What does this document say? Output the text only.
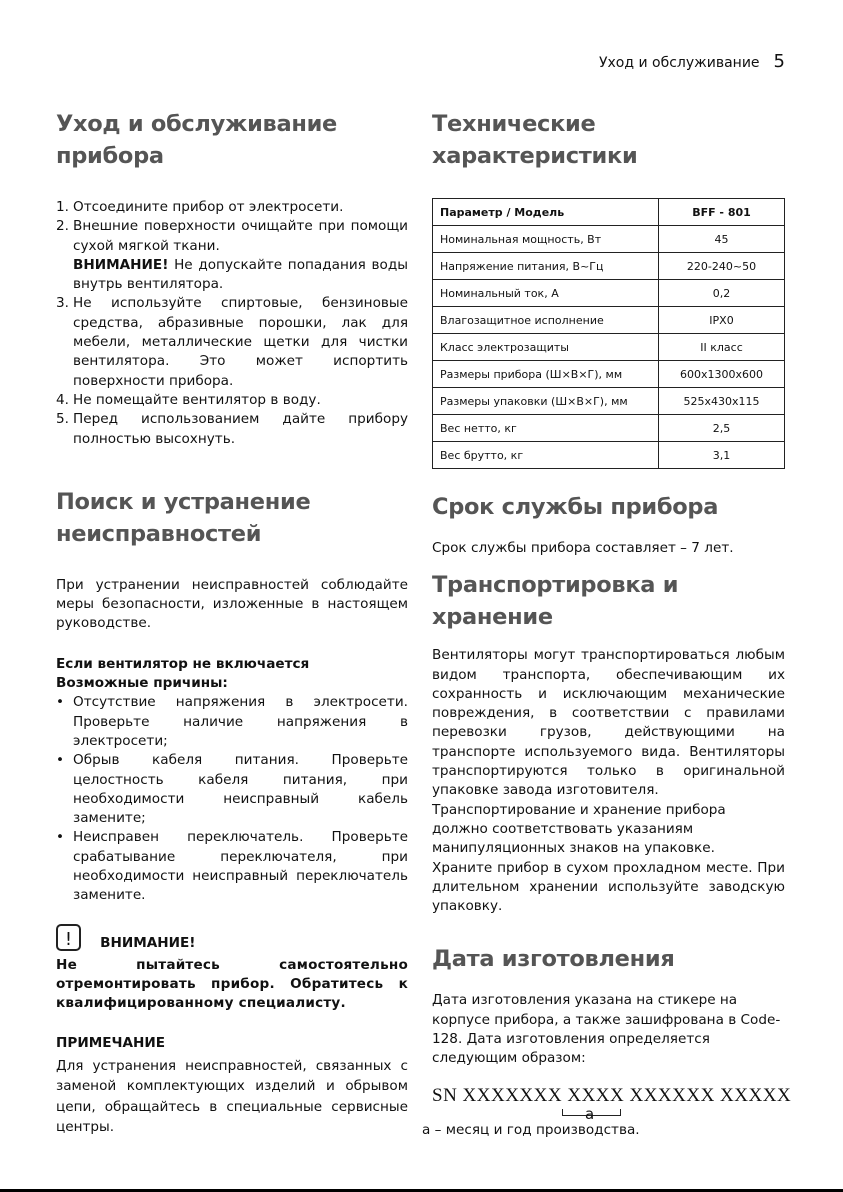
Уход и обслуживание 5
Уход и обслуживание прибора
1. Отсоедините прибор от электросети.
2. Внешние поверхности очищайте при помощи сухой мягкой ткани.
ВНИМАНИЕ! Не допускайте попадания воды внутрь вентилятора.
3. Не используйте спиртовые, бензиновые средства, абразивные порошки, лак для мебели, металлические щетки для чистки вентилятора. Это может испортить поверхности прибора.
4. Не помещайте вентилятор в воду.
5. Перед использованием дайте прибору полностью высохнуть.
Поиск и устранение
неисправностей

При устранении неисправностей соблюдайте меры безопасности, изложенные в настоящем руководстве.

Если вентилятор не включается

Возможные причины:

• Отсутствие напряжения в электросети. Проверьте наличие напряжения в электросети;
• Обрыв кабеля питания. Проверьте целостность кабеля питания, при необходимости неисправный кабель замените;
• Неисправен переключатель. Проверьте срабатывание переключателя, при необходимости неисправный переключатель замените.
! ВНИМАНИЕ!

Не пытайтесь самостоятельно отремонтировать прибор. Обратитесь к квалифицированному специалисту.

ПРИМЕЧАНИЕ

Для устранения неисправностей, связанных с заменой комплектующих изделий и обрывом цепи, обращайтесь в специальные сервисные центры.

Технические характеристики
Параметр / Модель	BFF - 801
Номинальная мощность, Вт	45
Напряжение питания, В~Гц	220-240~50
Номинальный ток, А	0,2
Влагозащитное исполнение	IPX0
Класс электрозащиты	II класс
Размеры прибора (Ш×В×Г), мм	600x1300x600
Размеры упаковки (Ш×В×Г), мм	525x430x115
Вес нетто, кг	2,5
Вес брутто, кг	3,1
Срок службы прибора

Срок службы прибора составляет – 7 лет.

Транспортировка и хранение

Вентиляторы могут транспортироваться любым видом транспорта, обеспечивающим их сохранность и исключающим механические повреждения, в соответствии с правилами перевозки грузов, действующими на транспорте используемого вида. Вентиляторы транспортируются только в оригинальной упаковке завода изготовителя.

Транспортирование и хранение прибора должно соответствовать указаниям манипуляционных знаков на упаковке.

Храните прибор в сухом прохладном месте. При длительном хранении используйте заводскую упаковку.

Дата изготовления

Дата изготовления указана на стикере на корпусе прибора, а также зашифрована в Code-128. Дата изготовления определяется следующим образом:

SN XXXXXXX XXXX XXXXXX XXXXX
a

а – месяц и год производства.
